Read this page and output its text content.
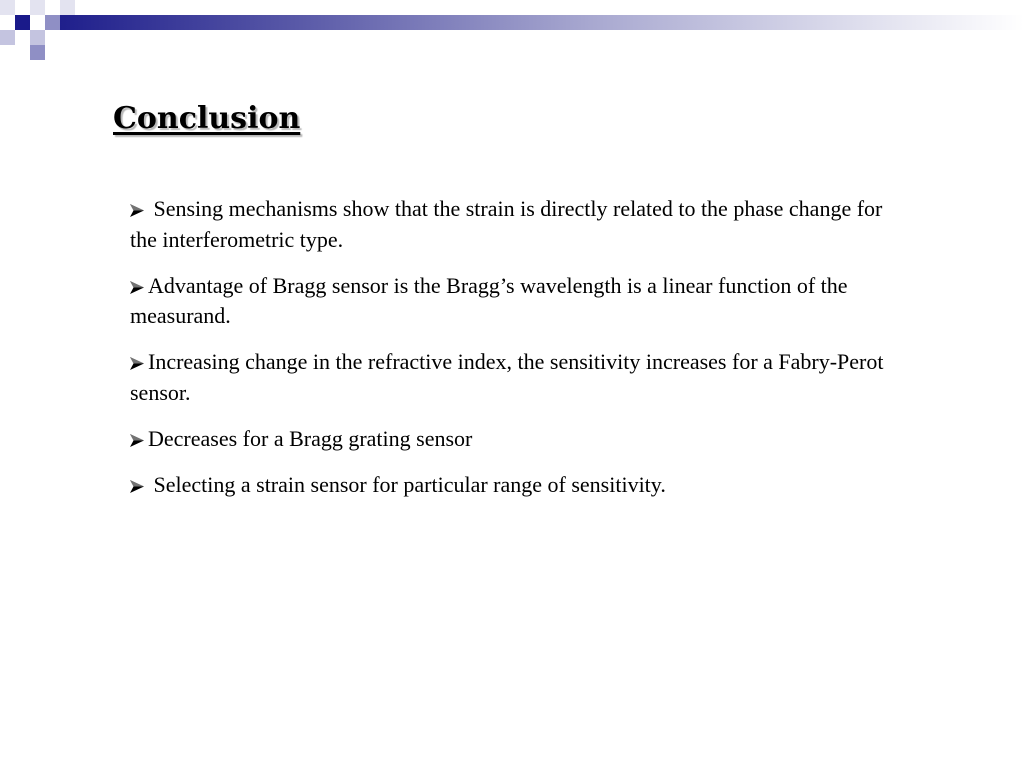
Conclusion
Sensing mechanisms show that the strain is directly related to the phase change for the interferometric type.
Advantage of Bragg sensor is the Bragg’s wavelength is a linear function of the measurand.
Increasing change in the refractive index, the sensitivity increases for a Fabry-Perot sensor.
Decreases for a Bragg grating sensor
Selecting a strain sensor for particular range of sensitivity.
